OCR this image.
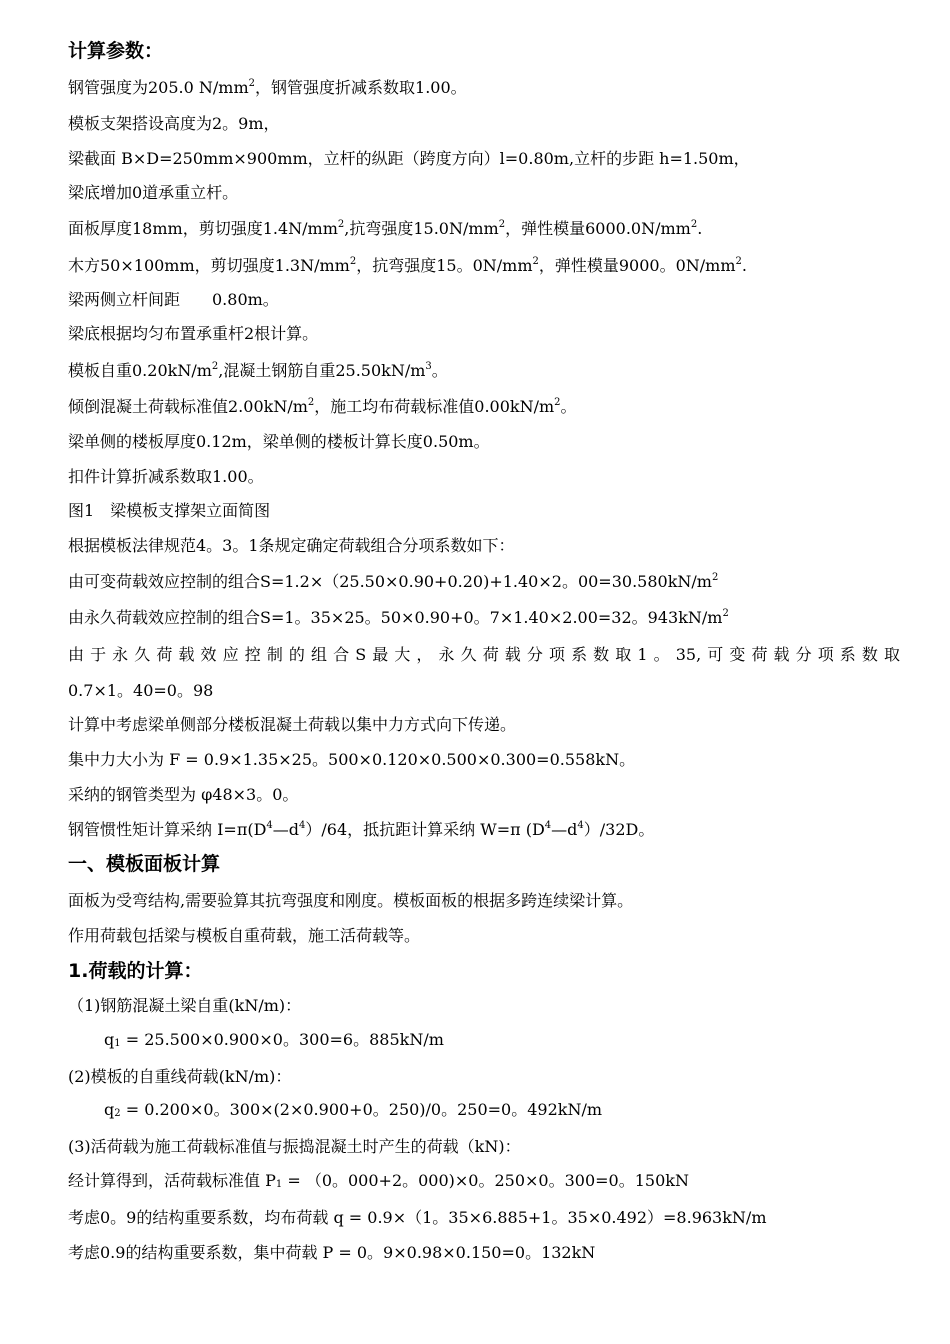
计算参数：
钢管强度为205.0 $N/mm^2$，钢管强度折减系数取1.00。
模板支架搭设高度为2。9m，
梁截面 B×D=250mm×900mm，立杆的纵距（跨度方向）l=0.80m,立杆的步距 h=1.50m，
梁底增加0道承重立杆。
面板厚度18mm，剪切强度$1.4N/mm^2$,抗弯强度$15.0N/mm^2$，弹性模量$6000.0N/mm^2$.
木方50×100mm，剪切强度$1.3N/mm^2$，抗弯强度15。$0N/mm^2$，弹性模量9000。$0N/mm^2$.
梁两侧立杆间距　　0.80m。
梁底根据均匀布置承重杆2根计算。
模板自重$0.20kN/m^2$,混凝土钢筋自重$25.50kN/m^3$。
倾倒混凝土荷载标准值$2.00kN/m^2$，施工均布荷载标准值$0.00kN/m^2$。
梁单侧的楼板厚度0.12m，梁单侧的楼板计算长度0.50m。
扣件计算折减系数取1.00。
图1　梁模板支撑架立面简图
根据模板法律规范4。3。1条规定确定荷载组合分项系数如下：
由可变荷载效应控制的组合S=1.2×（25.50×0.90+0.20)+1.40×2。$00=30.580kN/m^2$
由永久荷载效应控制的组合S=1。35×25。50×0.90+0。7×1.40×2.00=32。$943kN/m^2$
由于永久荷载效应控制的组合S最大，永久荷载分项系数取1。35,可变荷载分项系数取
0.7×1。40=0。98
计算中考虑梁单侧部分楼板混凝土荷载以集中力方式向下传递。
集中力大小为 F = 0.9×1.35×25。500×0.120×0.500×0.300=0.558kN。
采纳的钢管类型为 φ48×3。0。
钢管惯性矩计算采纳 $I=\pi(D^4—d^4)/64$，抵抗距计算采纳 W=π $(D^4—d^4)/32D$。
一、模板面板计算
面板为受弯结构,需要验算其抗弯强度和刚度。模板面板的根据多跨连续梁计算。
作用荷载包括梁与模板自重荷载，施工活荷载等。
1.荷载的计算：
（1)钢筋混凝土梁自重(kN/m)：
$q_1 = 25.500\times 0.900\times 0$。300=6。885kN/m
(2)模板的自重线荷载(kN/m)：
$q_2 = 0.200\times 0$。300×(2×0.900+0。250)/0。250=0。492kN/m
(3)活荷载为施工荷载标准值与振捣混凝土时产生的荷载（kN)：
经计算得到，活荷载标准值 $P_1 = (0$。000+2。000)×0。250×0。300=0。150kN
考虑0。9的结构重要系数，均布荷载 q = 0.9×（1。35×6.885+1。35×0.492）=8.963kN/m
考虑0.9的结构重要系数，集中荷载 P = 0。9×0.98×0.150=0。132kN
